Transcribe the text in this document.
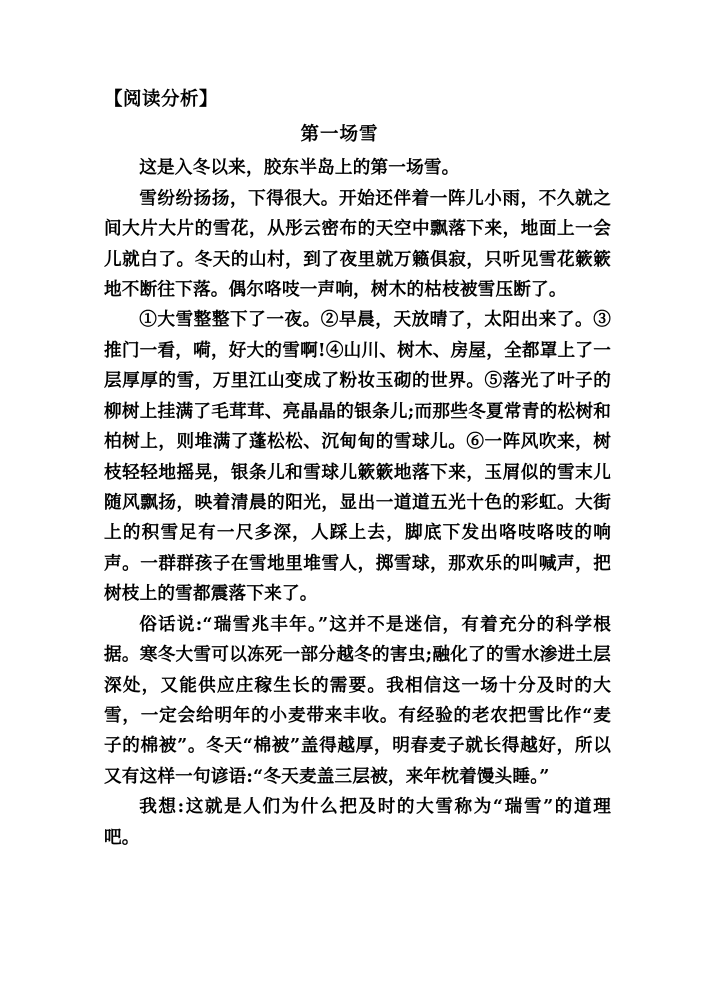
【阅读分析】
第一场雪

这是入冬以来，胶东半岛上的第一场雪。

雪纷纷扬扬，下得很大。开始还伴着一阵儿小雨，不久就之间大片大片的雪花，从彤云密布的天空中飘落下来，地面上一会儿就白了。冬天的山村，到了夜里就万籁俱寂，只听见雪花簌簌地不断往下落。偶尔咯吱一声响，树木的枯枝被雪压断了。

①大雪整整下了一夜。②早晨，天放晴了，太阳出来了。③推门一看，嗬，好大的雪啊!④山川、树木、房屋，全都罩上了一层厚厚的雪，万里江山变成了粉妆玉砌的世界。⑤落光了叶子的柳树上挂满了毛茸茸、亮晶晶的银条儿;而那些冬夏常青的松树和柏树上，则堆满了蓬松松、沉甸甸的雪球儿。⑥一阵风吹来，树枝轻轻地摇晃，银条儿和雪球儿簌簌地落下来，玉屑似的雪末儿随风飘扬，映着清晨的阳光，显出一道道五光十色的彩虹。大街上的积雪足有一尺多深，人踩上去，脚底下发出咯吱咯吱的响声。一群群孩子在雪地里堆雪人，掷雪球，那欢乐的叫喊声，把树枝上的雪都震落下来了。

俗话说:“瑞雪兆丰年。”这并不是迷信，有着充分的科学根据。寒冬大雪可以冻死一部分越冬的害虫;融化了的雪水渗进土层深处，又能供应庄稼生长的需要。我相信这一场十分及时的大雪，一定会给明年的小麦带来丰收。有经验的老农把雪比作“麦子的棉被”。冬天“棉被”盖得越厚，明春麦子就长得越好，所以又有这样一句谚语:“冬天麦盖三层被，来年枕着馒头睡。”

我想:这就是人们为什么把及时的大雪称为“瑞雪”的道理吧。
